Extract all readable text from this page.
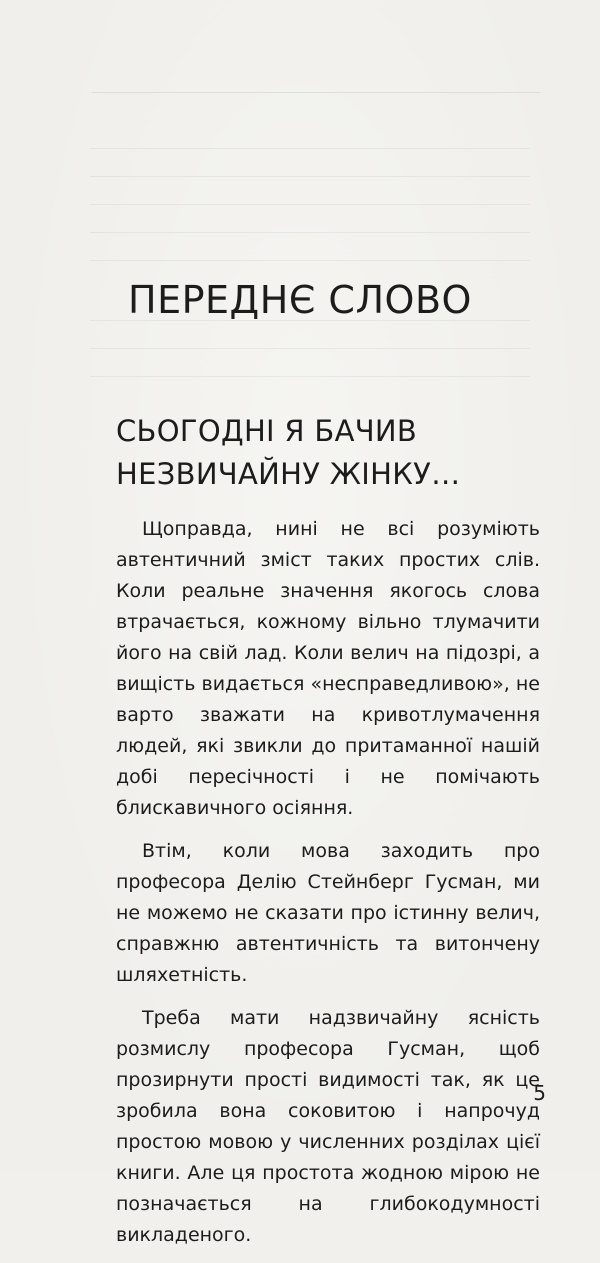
ПЕРЕДНЄ СЛОВО
СЬОГОДНІ Я БАЧИВ
НЕЗВИЧАЙНУ ЖІНКУ…

Щоправда, нині не всі розуміють автентичний зміст таких простих слів. Коли реальне значення якогось слова втрачається, кожному вільно тлумачити його на свій лад. Коли велич на підозрі, а вищість видається «несправедливою», не варто зважати на кривотлумачення людей, які звикли до притаманної нашій добі пересічності і не помічають блискавичного осіяння.

Втім, коли мова заходить про професора Делію Стейнберг Гусман, ми не можемо не сказати про істинну велич, справжню автентичність та витончену шляхетність.

Треба мати надзвичайну ясність розмислу професора Гусман, щоб прозирнути прості видимості так, як це зробила вона соковитою і напрочуд простою мовою у численних розділах цієї книги. Але ця простота жодною мірою не позначається на глибокодумності викладеного.

5
